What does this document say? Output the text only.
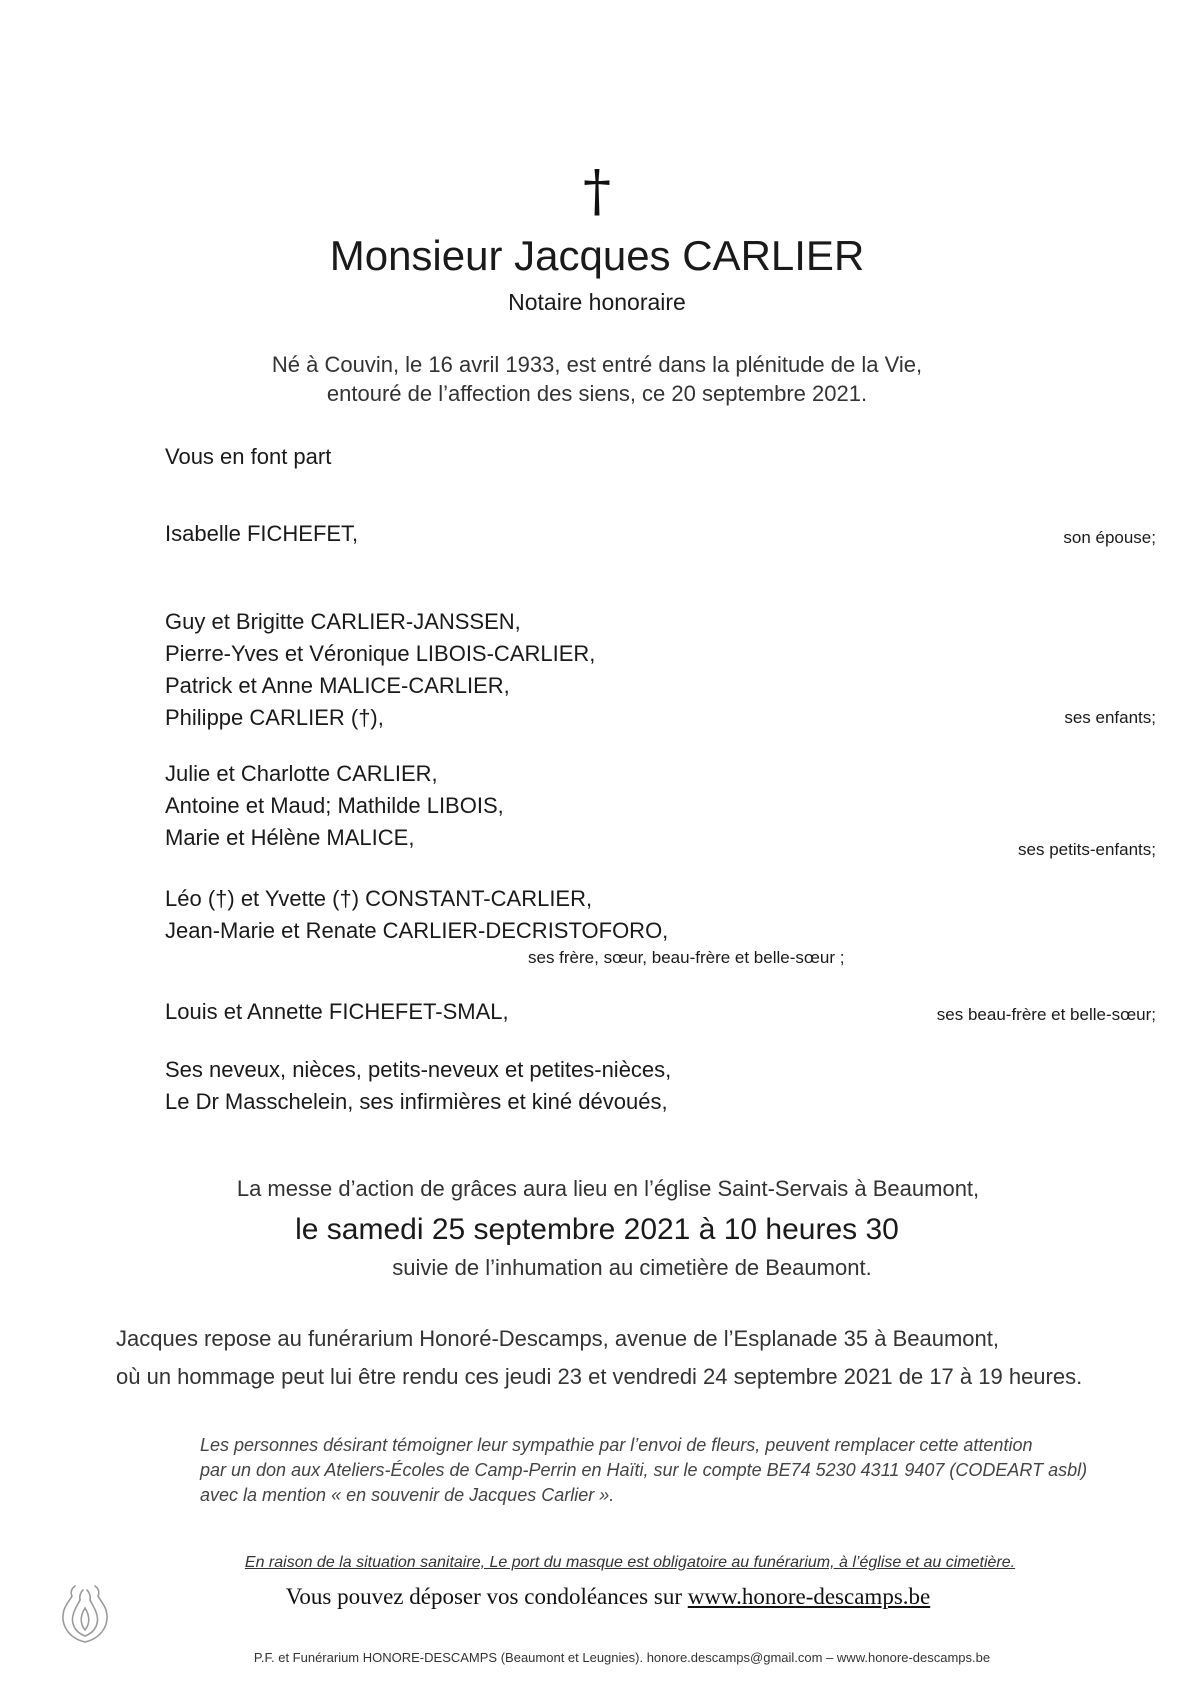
†
Monsieur Jacques CARLIER
Notaire honoraire
Né à Couvin, le 16 avril 1933, est entré dans la plénitude de la Vie,
entouré de l’affection des siens, ce 20 septembre 2021.
Vous en font part
Isabelle FICHEFET,	son épouse;
Guy et Brigitte CARLIER-JANSSEN,
Pierre-Yves et Véronique LIBOIS-CARLIER,
Patrick et Anne MALICE-CARLIER,
Philippe CARLIER (†),	ses enfants;
Julie et Charlotte CARLIER,
Antoine et Maud; Mathilde LIBOIS,
Marie et Hélène MALICE,	ses petits-enfants;
Léo (†) et Yvette (†) CONSTANT-CARLIER,
Jean-Marie et Renate CARLIER-DECRISTOFORO,
ses frère, sœur, beau-frère et belle-sœur ;
Louis et Annette FICHEFET-SMAL,	ses beau-frère et belle-sœur;
Ses neveux, nièces, petits-neveux et petites-nièces,
Le Dr Masschelein, ses infirmières et kiné dévoués,
La messe d’action de grâces aura lieu en l’église Saint-Servais à Beaumont,
le samedi 25 septembre 2021 à 10 heures 30
suivie de l’inhumation au cimetière de Beaumont.
Jacques repose au funérarium Honoré-Descamps, avenue de l’Esplanade 35 à Beaumont,
où un hommage peut lui être rendu ces jeudi 23 et vendredi 24 septembre 2021 de 17 à 19 heures.
Les personnes désirant témoigner leur sympathie par l’envoi de fleurs, peuvent remplacer cette attention
par un don aux Ateliers-Écoles de Camp-Perrin en Haïti, sur le compte BE74 5230 4311 9407 (CODEART asbl)
avec la mention « en souvenir de Jacques Carlier ».
En raison de la situation sanitaire, Le port du masque est obligatoire au funérarium, à l’église et au cimetière.
Vous pouvez déposer vos condoléances sur www.honore-descamps.be
P.F. et Funérarium HONORE-DESCAMPS (Beaumont et Leugnies). honore.descamps@gmail.com – www.honore-descamps.be
